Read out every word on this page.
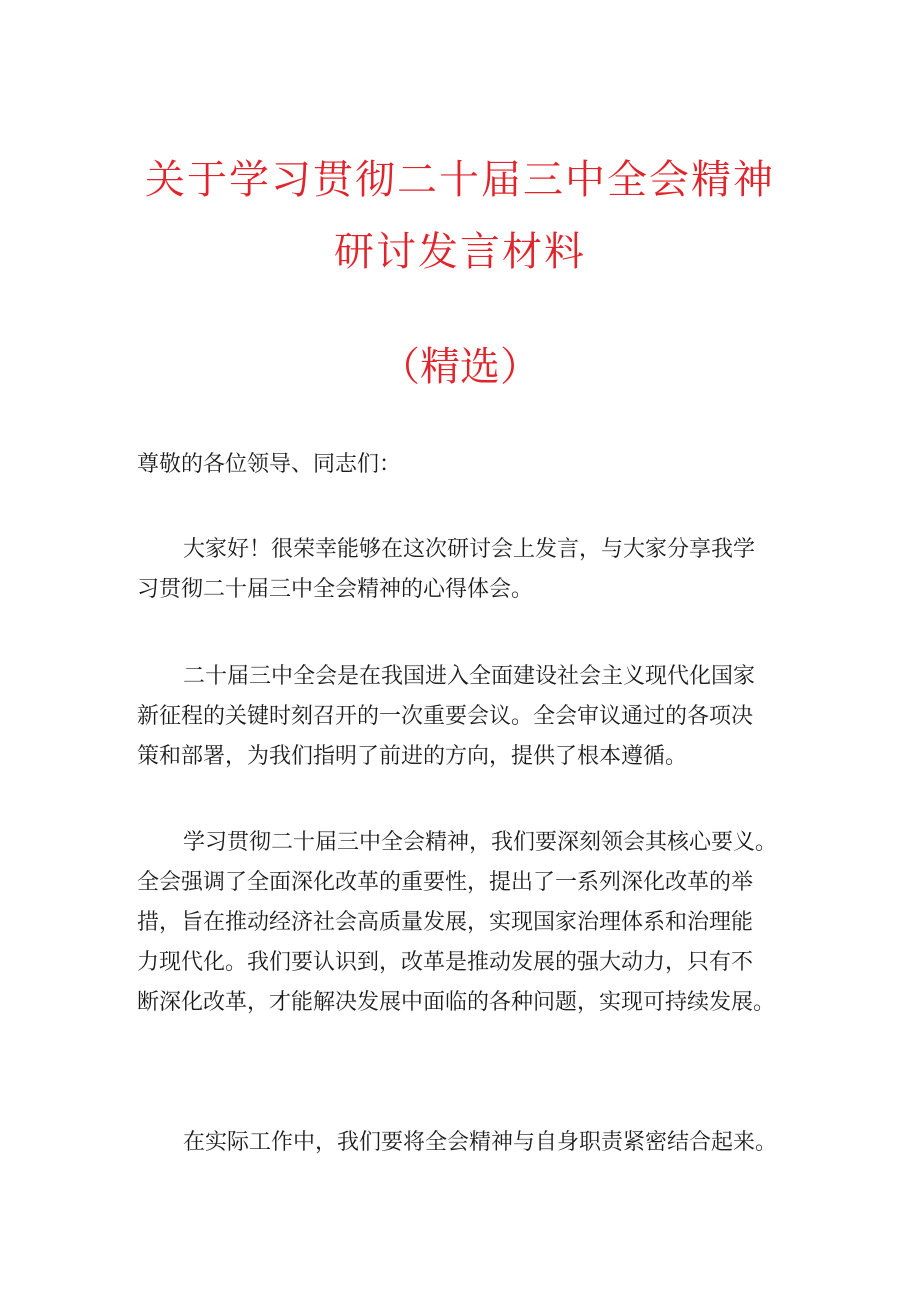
关于学习贯彻二十届三中全会精神
研讨发言材料
（精选）
尊敬的各位领导、同志们：
大家好！很荣幸能够在这次研讨会上发言，与大家分享我学
习贯彻二十届三中全会精神的心得体会。
二十届三中全会是在我国进入全面建设社会主义现代化国家
新征程的关键时刻召开的一次重要会议。全会审议通过的各项决
策和部署，为我们指明了前进的方向，提供了根本遵循。
学习贯彻二十届三中全会精神，我们要深刻领会其核心要义。
全会强调了全面深化改革的重要性，提出了一系列深化改革的举
措，旨在推动经济社会高质量发展，实现国家治理体系和治理能
力现代化。我们要认识到，改革是推动发展的强大动力，只有不
断深化改革，才能解决发展中面临的各种问题，实现可持续发展。
在实际工作中，我们要将全会精神与自身职责紧密结合起来。
